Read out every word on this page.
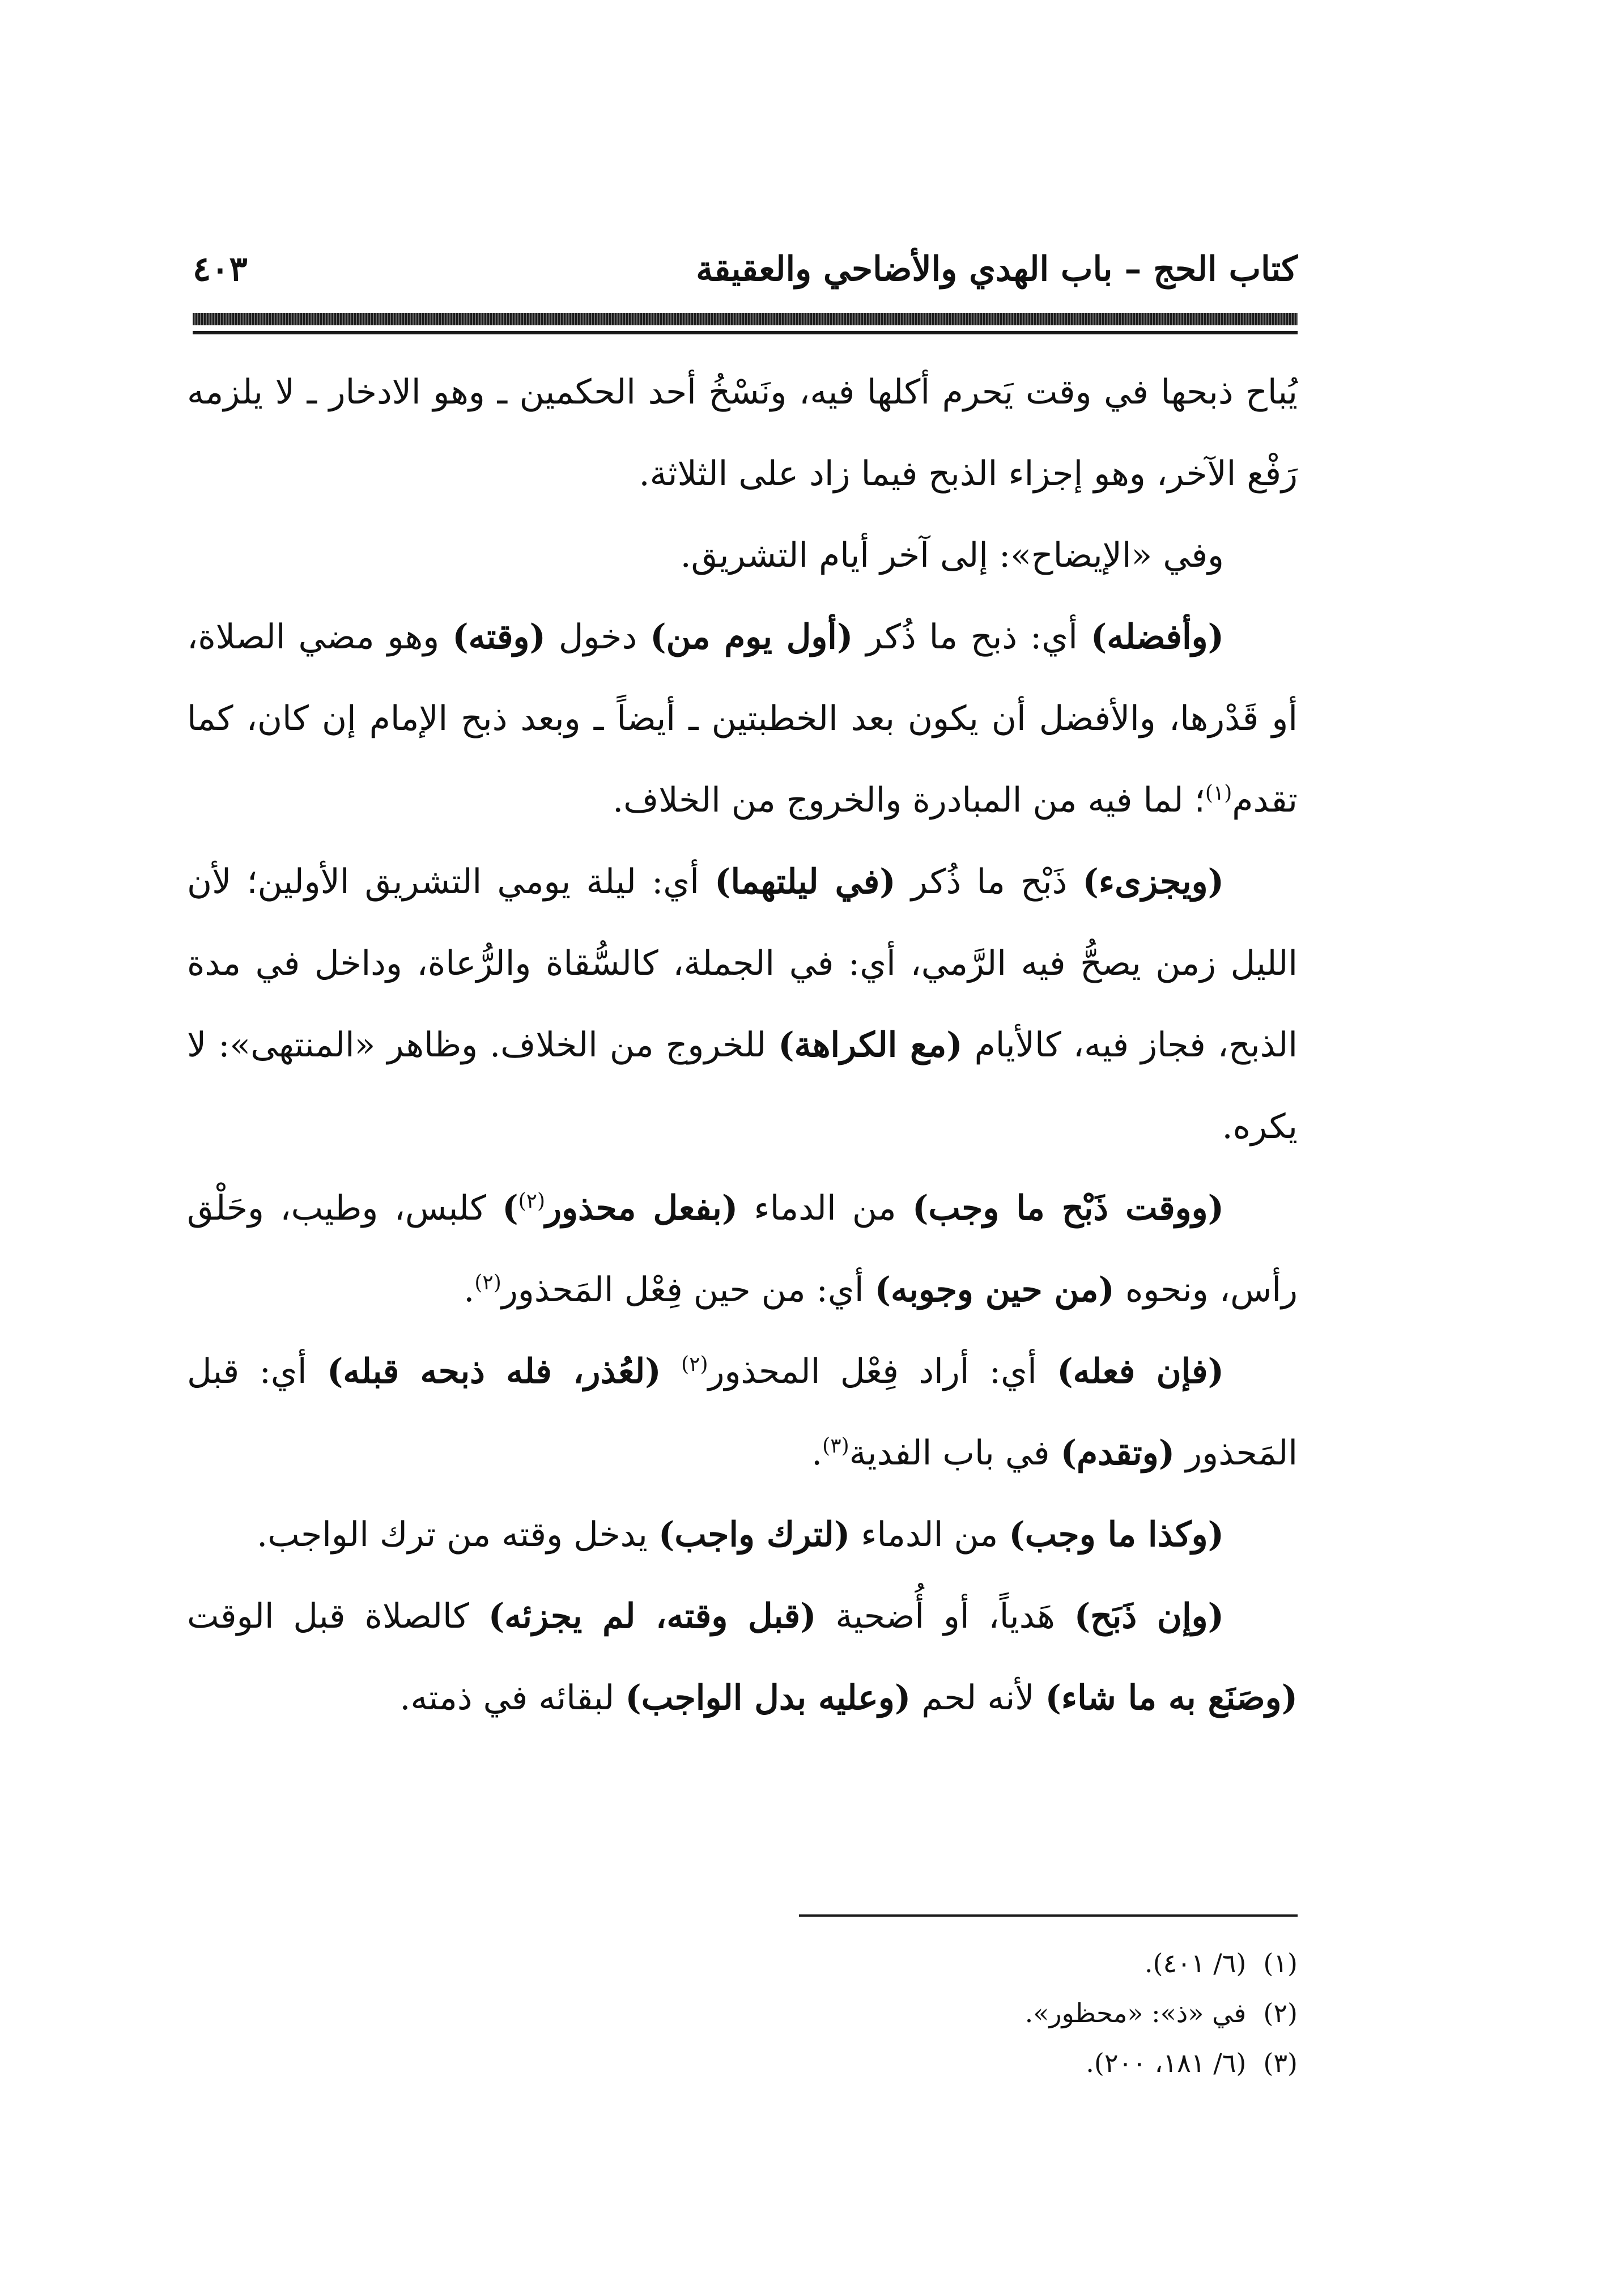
كتاب الحج – باب الهدي والأضاحي والعقيقة
٤٠٣

يُباح ذبحها في وقت يَحرم أكلها فيه، ونَسْخُ أحد الحكمين ـ وهو الادخار ـ لا يلزمه رَفْع الآخر، وهو إجزاء الذبح فيما زاد على الثلاثة.

وفي «الإيضاح»: إلى آخر أيام التشريق.

(وأفضله) أي: ذبح ما ذُكر (أول يوم من) دخول (وقته) وهو مضي الصلاة، أو قَدْرها، والأفضل أن يكون بعد الخطبتين ـ أيضاً ـ وبعد ذبح الإمام إن كان، كما تقدم$^{(١)}$؛ لما فيه من المبادرة والخروج من الخلاف.

(ويجزىء) ذَبْح ما ذُكر (في ليلتهما) أي: ليلة يومي التشريق الأولين؛ لأن الليل زمن يصحُّ فيه الرَّمي، أي: في الجملة، كالسُّقاة والرُّعاة، وداخل في مدة الذبح، فجاز فيه، كالأيام (مع الكراهة) للخروج من الخلاف. وظاهر «المنتهى»: لا يكره.

(ووقت ذَبْح ما وجب) من الدماء (بفعل محذور$^{(٢)}$) كلبس، وطيب، وحَلْق رأس، ونحوه (من حين وجوبه) أي: من حين فِعْل المَحذور$^{(٢)}$.

(فإن فعله) أي: أراد فِعْل المحذور$^{(٢)}$ (لعُذر، فله ذبحه قبله) أي: قبل المَحذور (وتقدم) في باب الفدية$^{(٣)}$.

(وكذا ما وجب) من الدماء (لترك واجب) يدخل وقته من ترك الواجب.

(وإن ذَبَح) هَدياً، أو أُضحية (قبل وقته، لم يجزئه) كالصلاة قبل الوقت (وصَنَع به ما شاء) لأنه لحم (وعليه بدل الواجب) لبقائه في ذمته.

(١)(٦/ ٤٠١).

(٢)في «ذ»: «محظور».

(٣)(٦/ ١٨١، ٢٠٠).
